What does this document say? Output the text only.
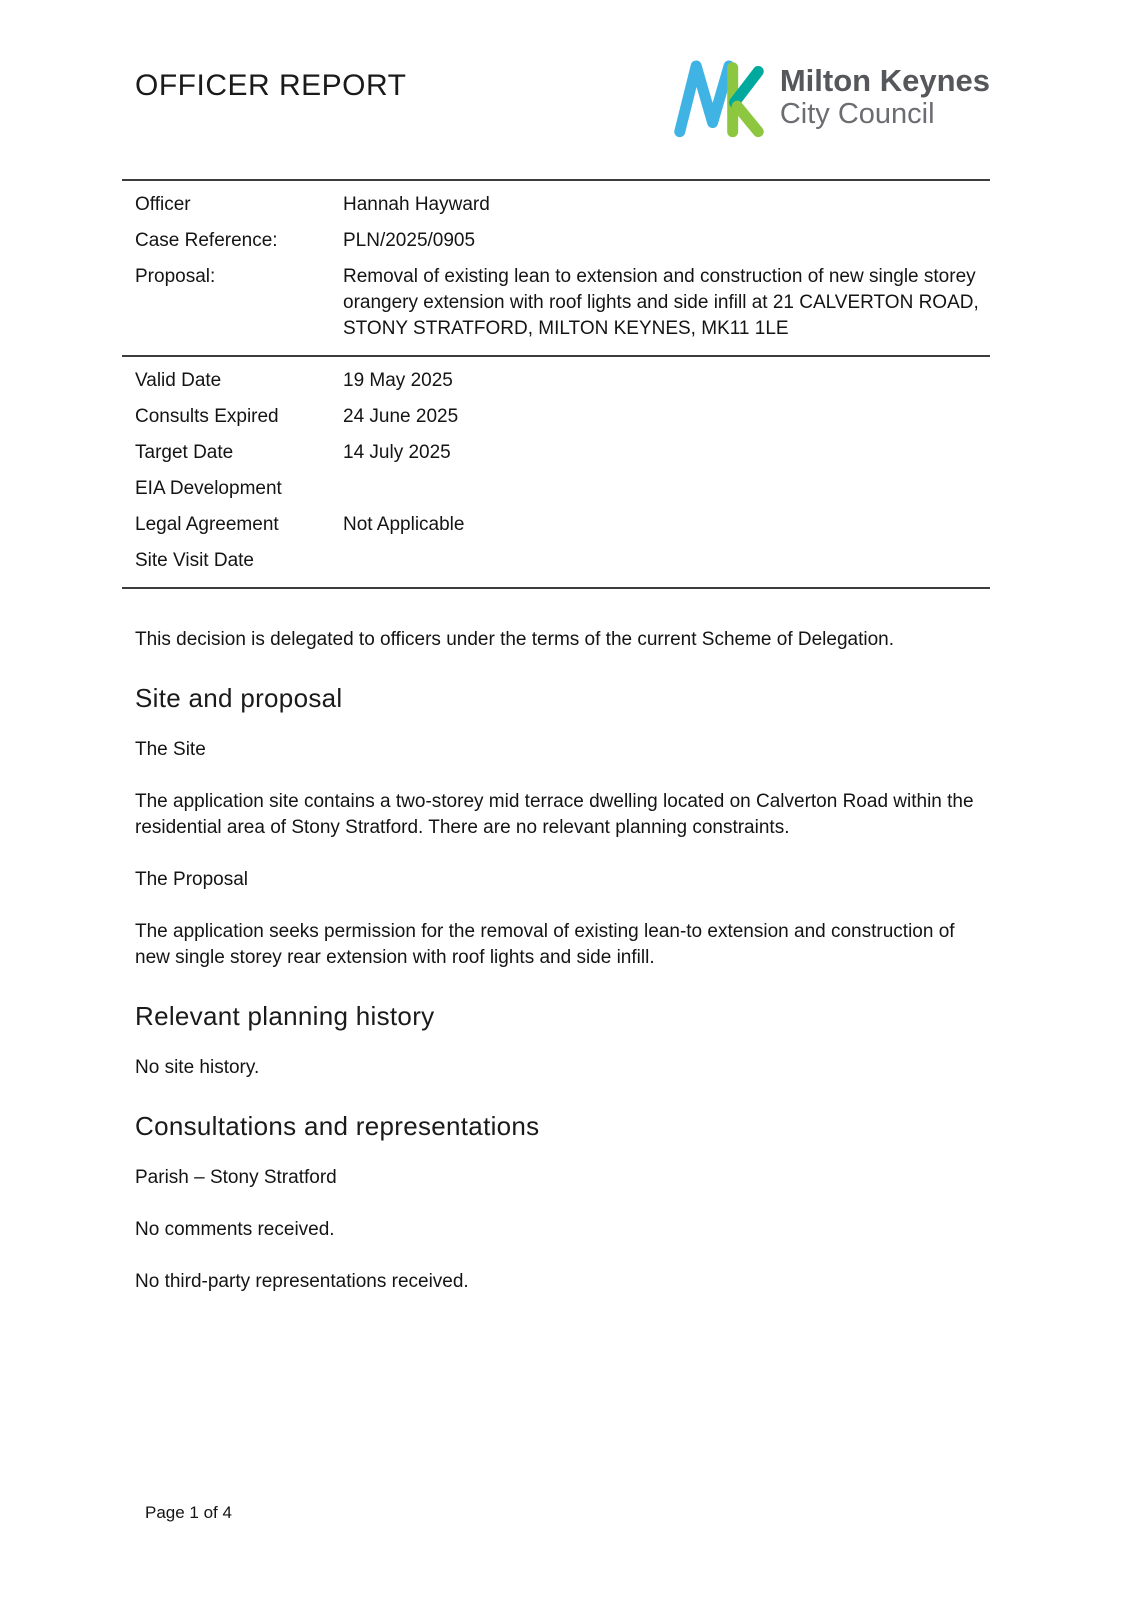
OFFICER REPORT	Milton Keynes
City Council
Officer	Hannah Hayward
Case Reference:	PLN/2025/0905
Proposal:	Removal of existing lean to extension and construction of new single storey orangery extension with roof lights and side infill at 21 CALVERTON ROAD, STONY STRATFORD, MILTON KEYNES, MK11 1LE
Valid Date	19 May 2025
Consults Expired	24 June 2025
Target Date	14 July 2025
EIA Development
Legal Agreement	Not Applicable
Site Visit Date

This decision is delegated to officers under the terms of the current Scheme of Delegation.

Site and proposal

The Site

The application site contains a two-storey mid terrace dwelling located on Calverton Road within the residential area of Stony Stratford. There are no relevant planning constraints.

The Proposal

The application seeks permission for the removal of existing lean-to extension and construction of new single storey rear extension with roof lights and side infill.

Relevant planning history

No site history.

Consultations and representations

Parish – Stony Stratford

No comments received.

No third-party representations received.

Page 1 of 4
